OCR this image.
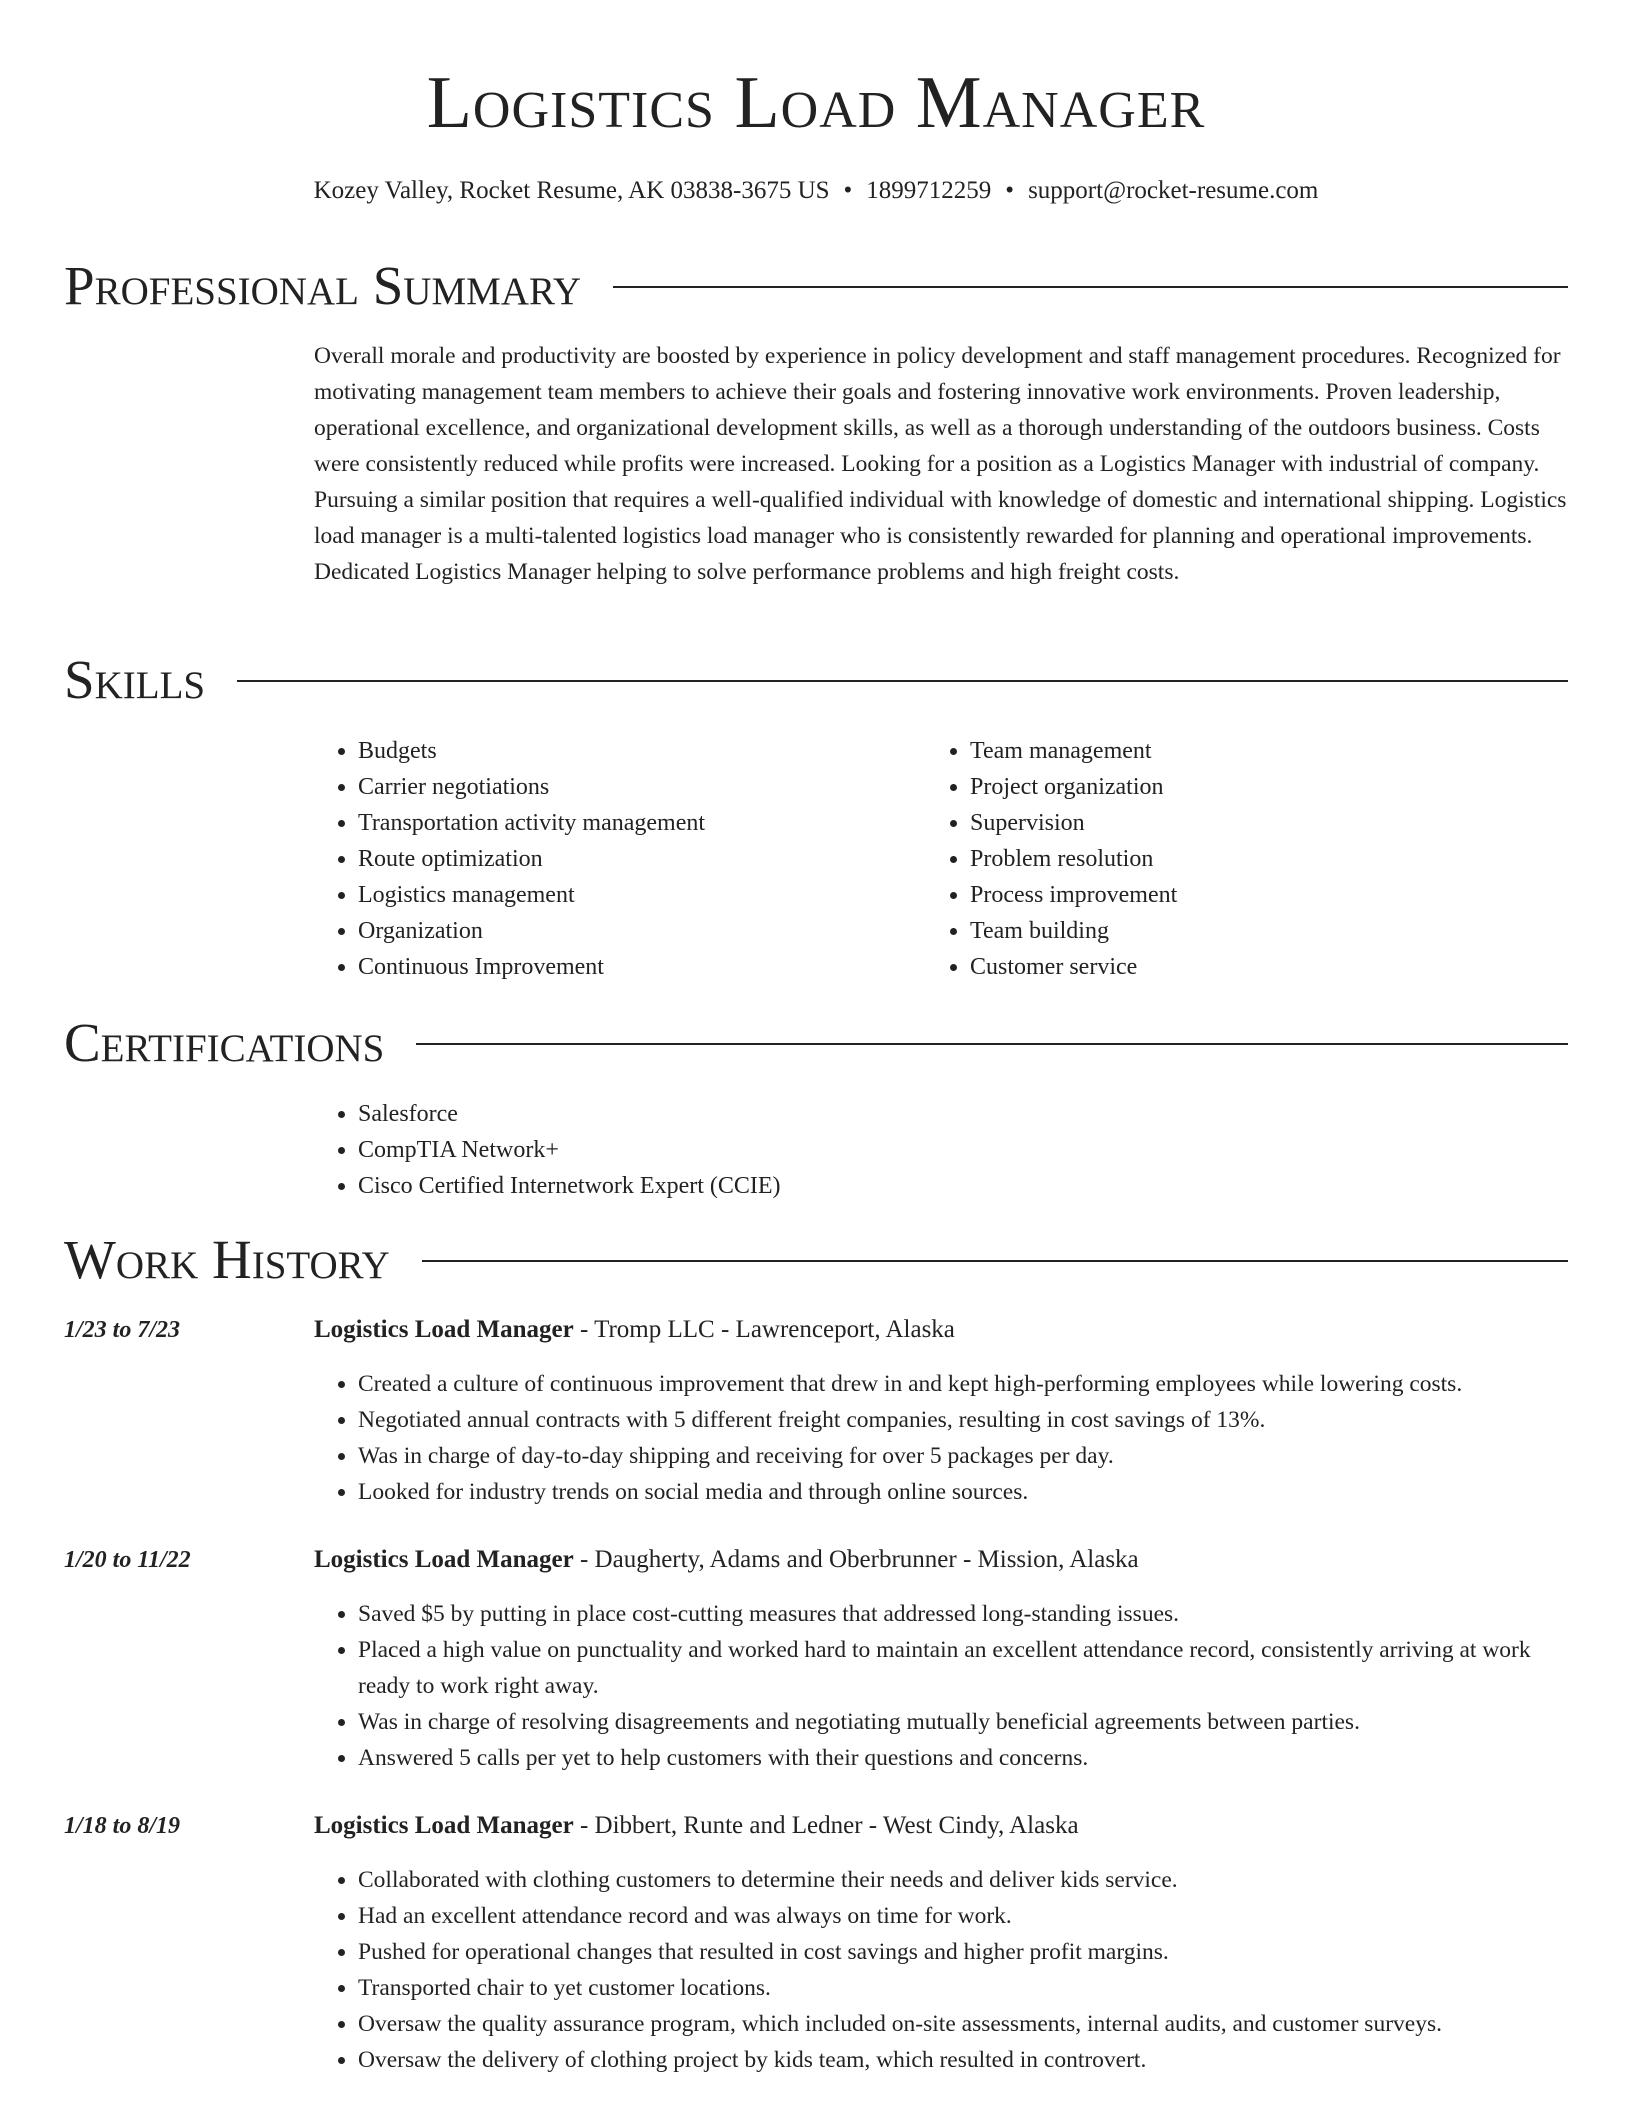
Logistics Load Manager
Kozey Valley, Rocket Resume, AK 03838-3675 US • 1899712259 • support@rocket-resume.com
Professional Summary

Overall morale and productivity are boosted by experience in policy development and staff management procedures. Recognized for motivating management team members to achieve their goals and fostering innovative work environments. Proven leadership, operational excellence, and organizational development skills, as well as a thorough understanding of the outdoors business. Costs were consistently reduced while profits were increased. Looking for a position as a Logistics Manager with industrial of company. Pursuing a similar position that requires a well-qualified individual with knowledge of domestic and international shipping. Logistics load manager is a multi-talented logistics load manager who is consistently rewarded for planning and operational improvements. Dedicated Logistics Manager helping to solve performance problems and high freight costs.

Skills
• Budgets
• Carrier negotiations
• Transportation activity management
• Route optimization
• Logistics management
• Organization
• Continuous Improvement
• Team management
• Project organization
• Supervision
• Problem resolution
• Process improvement
• Team building
• Customer service
Certifications
• Salesforce
• CompTIA Network+
• Cisco Certified Internetwork Expert (CCIE)
Work History
1/23 to 7/23	Logistics Load Manager - Tromp LLC - Lawrenceport, Alaska
• Created a culture of continuous improvement that drew in and kept high-performing employees while lowering costs.
• Negotiated annual contracts with 5 different freight companies, resulting in cost savings of 13%.
• Was in charge of day-to-day shipping and receiving for over 5 packages per day.
• Looked for industry trends on social media and through online sources.
1/20 to 11/22	Logistics Load Manager - Daugherty, Adams and Oberbrunner - Mission, Alaska
• Saved $5 by putting in place cost-cutting measures that addressed long-standing issues.
• Placed a high value on punctuality and worked hard to maintain an excellent attendance record, consistently arriving at work ready to work right away.
• Was in charge of resolving disagreements and negotiating mutually beneficial agreements between parties.
• Answered 5 calls per yet to help customers with their questions and concerns.
1/18 to 8/19	Logistics Load Manager - Dibbert, Runte and Ledner - West Cindy, Alaska
• Collaborated with clothing customers to determine their needs and deliver kids service.
• Had an excellent attendance record and was always on time for work.
• Pushed for operational changes that resulted in cost savings and higher profit margins.
• Transported chair to yet customer locations.
• Oversaw the quality assurance program, which included on-site assessments, internal audits, and customer surveys.
• Oversaw the delivery of clothing project by kids team, which resulted in controvert.
